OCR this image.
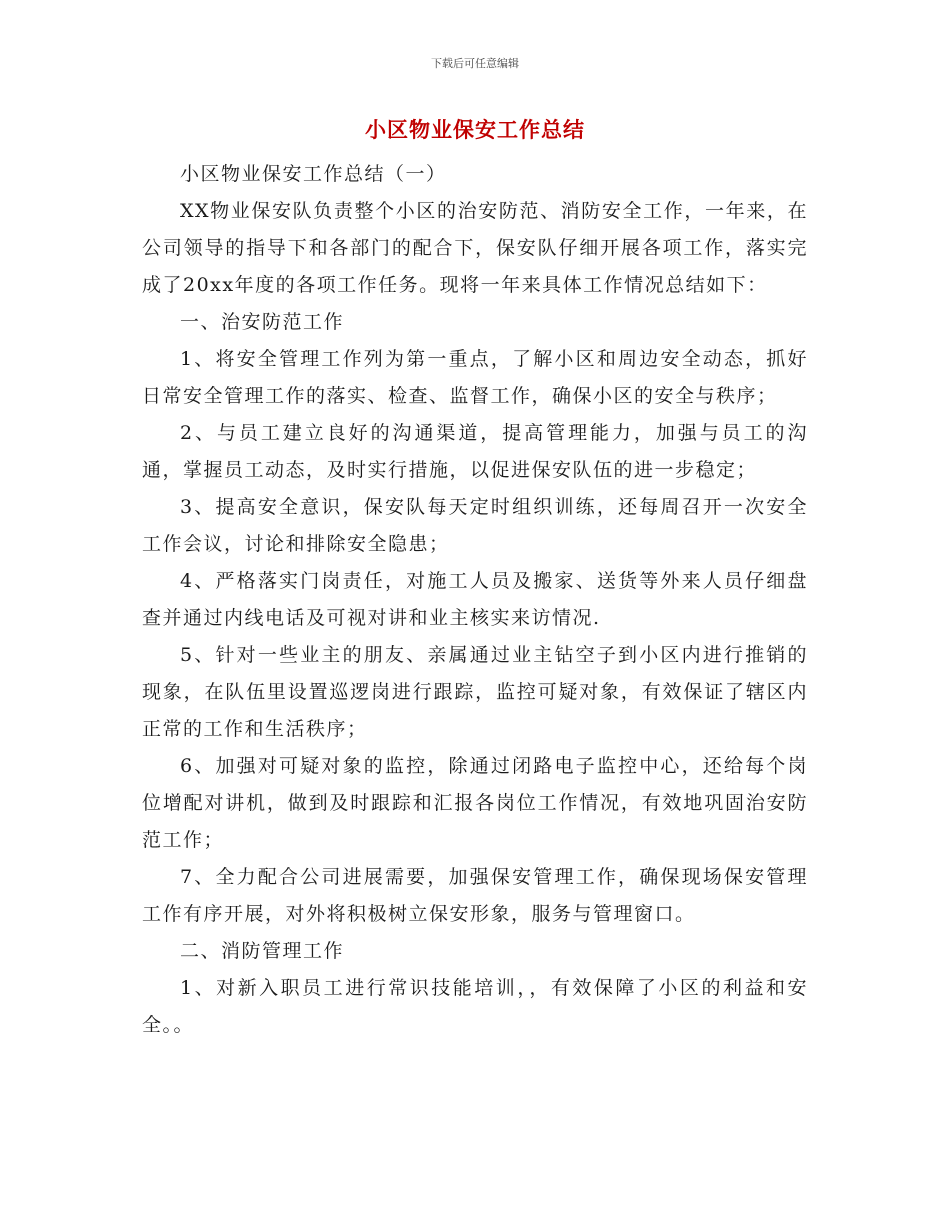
下载后可任意编辑
小区物业保安工作总结

小区物业保安工作总结（一）

XX物业保安队负责整个小区的治安防范、消防安全工作，一年来，在公司领导的指导下和各部门的配合下，保安队仔细开展各项工作，落实完成了20xx年度的各项工作任务。现将一年来具体工作情况总结如下：

一、治安防范工作

1、将安全管理工作列为第一重点，了解小区和周边安全动态，抓好日常安全管理工作的落实、检查、监督工作，确保小区的安全与秩序；

2、与员工建立良好的沟通渠道，提高管理能力，加强与员工的沟通，掌握员工动态，及时实行措施，以促进保安队伍的进一步稳定；

3、提高安全意识，保安队每天定时组织训练，还每周召开一次安全工作会议，讨论和排除安全隐患；

4、严格落实门岗责任，对施工人员及搬家、送货等外来人员仔细盘查并通过内线电话及可视对讲和业主核实来访情况.

5、针对一些业主的朋友、亲属通过业主钻空子到小区内进行推销的现象，在队伍里设置巡逻岗进行跟踪，监控可疑对象，有效保证了辖区内正常的工作和生活秩序；

6、加强对可疑对象的监控，除通过闭路电子监控中心，还给每个岗位增配对讲机，做到及时跟踪和汇报各岗位工作情况，有效地巩固治安防范工作；

7、全力配合公司进展需要，加强保安管理工作，确保现场保安管理工作有序开展，对外将积极树立保安形象，服务与管理窗口。

二、消防管理工作

1、对新入职员工进行常识技能培训，，有效保障了小区的利益和安全。。
